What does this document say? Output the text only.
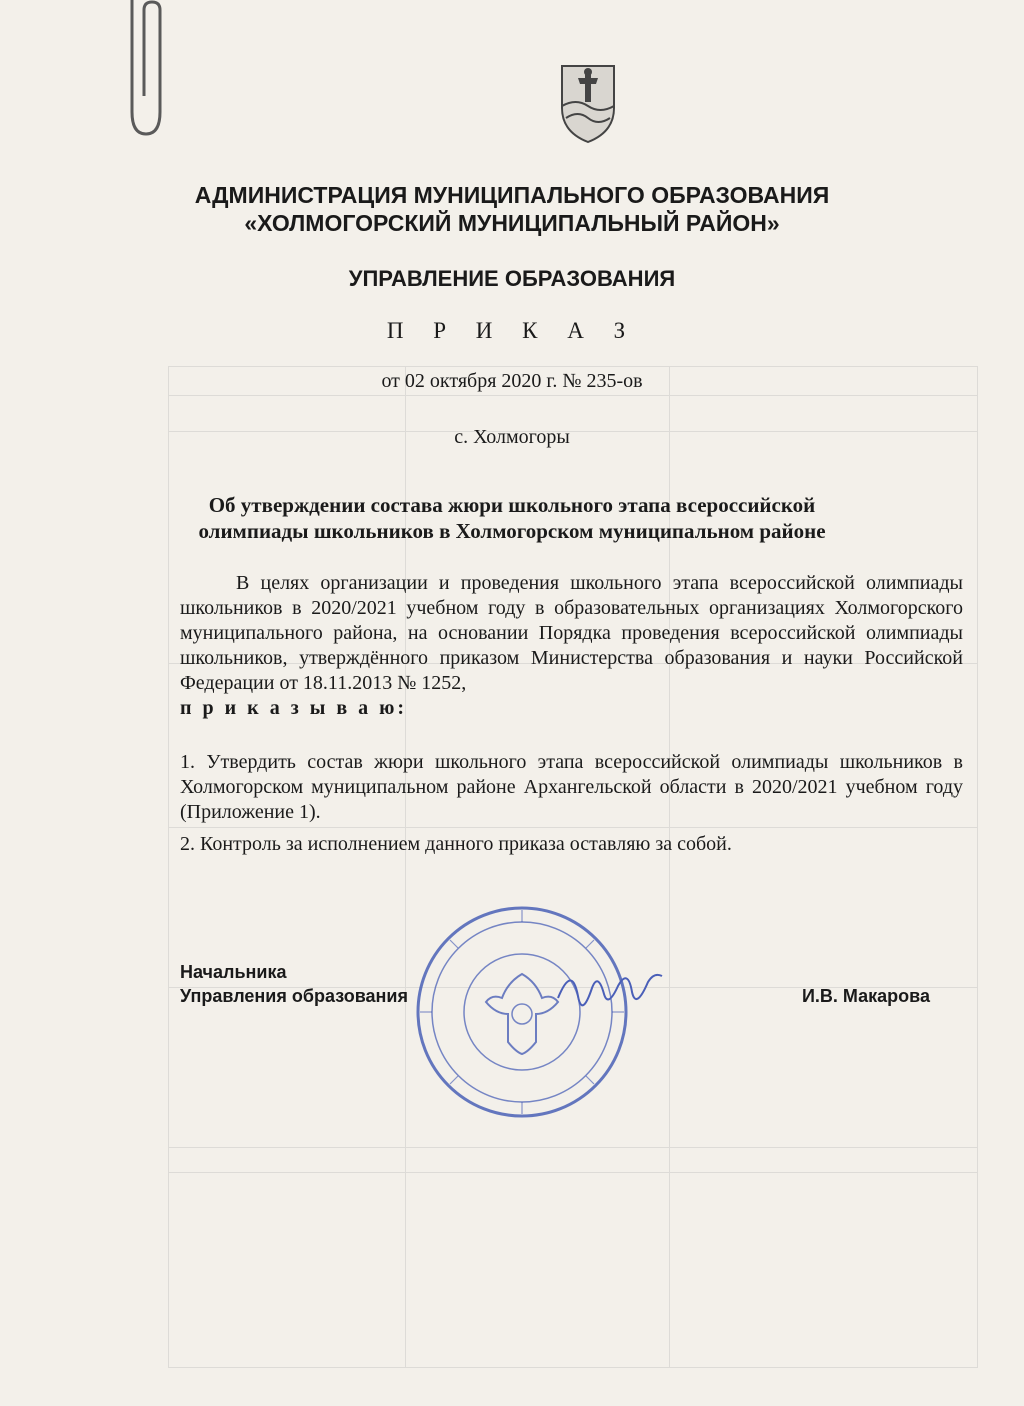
АДМИНИСТРАЦИЯ МУНИЦИПАЛЬНОГО ОБРАЗОВАНИЯ
«ХОЛМОГОРСКИЙ МУНИЦИПАЛЬНЫЙ РАЙОН»
УПРАВЛЕНИЕ ОБРАЗОВАНИЯ
П Р И К А З
от 02 октября 2020 г. № 235-ов
с. Холмогоры
Об утверждении состава жюри школьного этапа всероссийской
олимпиады школьников в Холмогорском муниципальном районе
В целях организации и проведения школьного этапа всероссийской олимпиады школьников в 2020/2021 учебном году в образовательных организациях Холмогорского муниципального района, на основании Порядка проведения всероссийской олимпиады школьников, утверждённого приказом Министерства образования и науки Российской Федерации от 18.11.2013 № 1252,
п р и к а з ы в а ю:
1. Утвердить состав жюри школьного этапа всероссийской олимпиады школьников в Холмогорском муниципальном районе Архангельской области в 2020/2021 учебном году (Приложение 1).
2. Контроль за исполнением данного приказа оставляю за собой.
Начальника
Управления образования	И.В. Макарова
